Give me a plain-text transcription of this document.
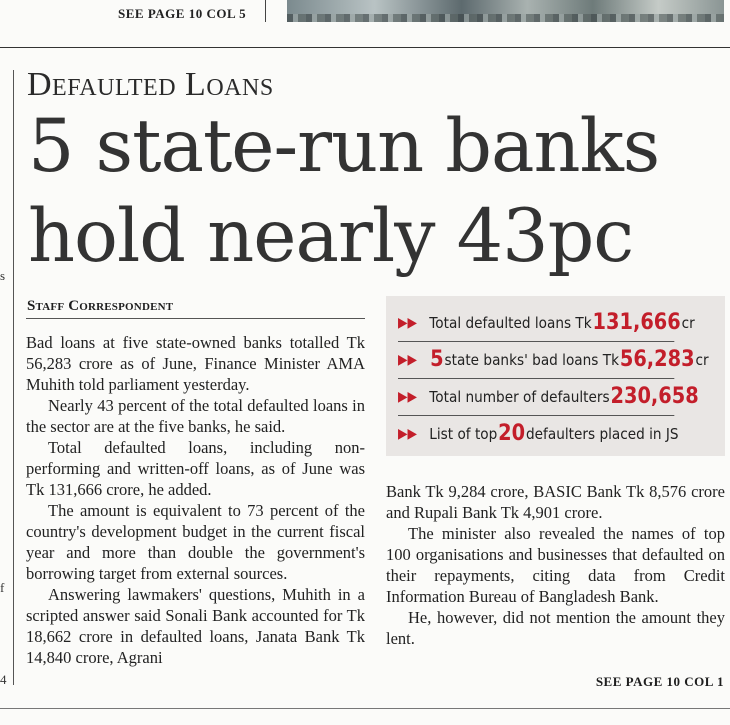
SEE PAGE 10 COL 5
s
f
4
Defaulted Loans
5 state-run banks hold nearly 43pc
Staff Correspondent

Bad loans at five state-owned banks totalled Tk 56,283 crore as of June, Finance Minister AMA Muhith told parliament yesterday.

Nearly 43 percent of the total defaulted loans in the sector are at the five banks, he said.

Total defaulted loans, including non-performing and written-off loans, as of June was Tk 131,666 crore, he added.

The amount is equivalent to 73 percent of the country's development budget in the current fiscal year and more than double the government's borrowing target from external sources.

Answering lawmakers' questions, Muhith in a scripted answer said Sonali Bank accounted for Tk 18,662 crore in defaulted loans, Janata Bank Tk 14,840 crore, Agrani

▶▶ Total defaulted loans Tk 131,666 cr
▶▶ 5 state banks' bad loans Tk 56,283 cr
▶▶ Total number of defaulters 230,658
▶▶ List of top 20 defaulters placed in JS

Bank Tk 9,284 crore, BASIC Bank Tk 8,576 crore and Rupali Bank Tk 4,901 crore.

The minister also revealed the names of top 100 organisations and businesses that defaulted on their repayments, citing data from Credit Information Bureau of Bangladesh Bank.

He, however, did not mention the amount they lent.

SEE PAGE 10 COL 1
